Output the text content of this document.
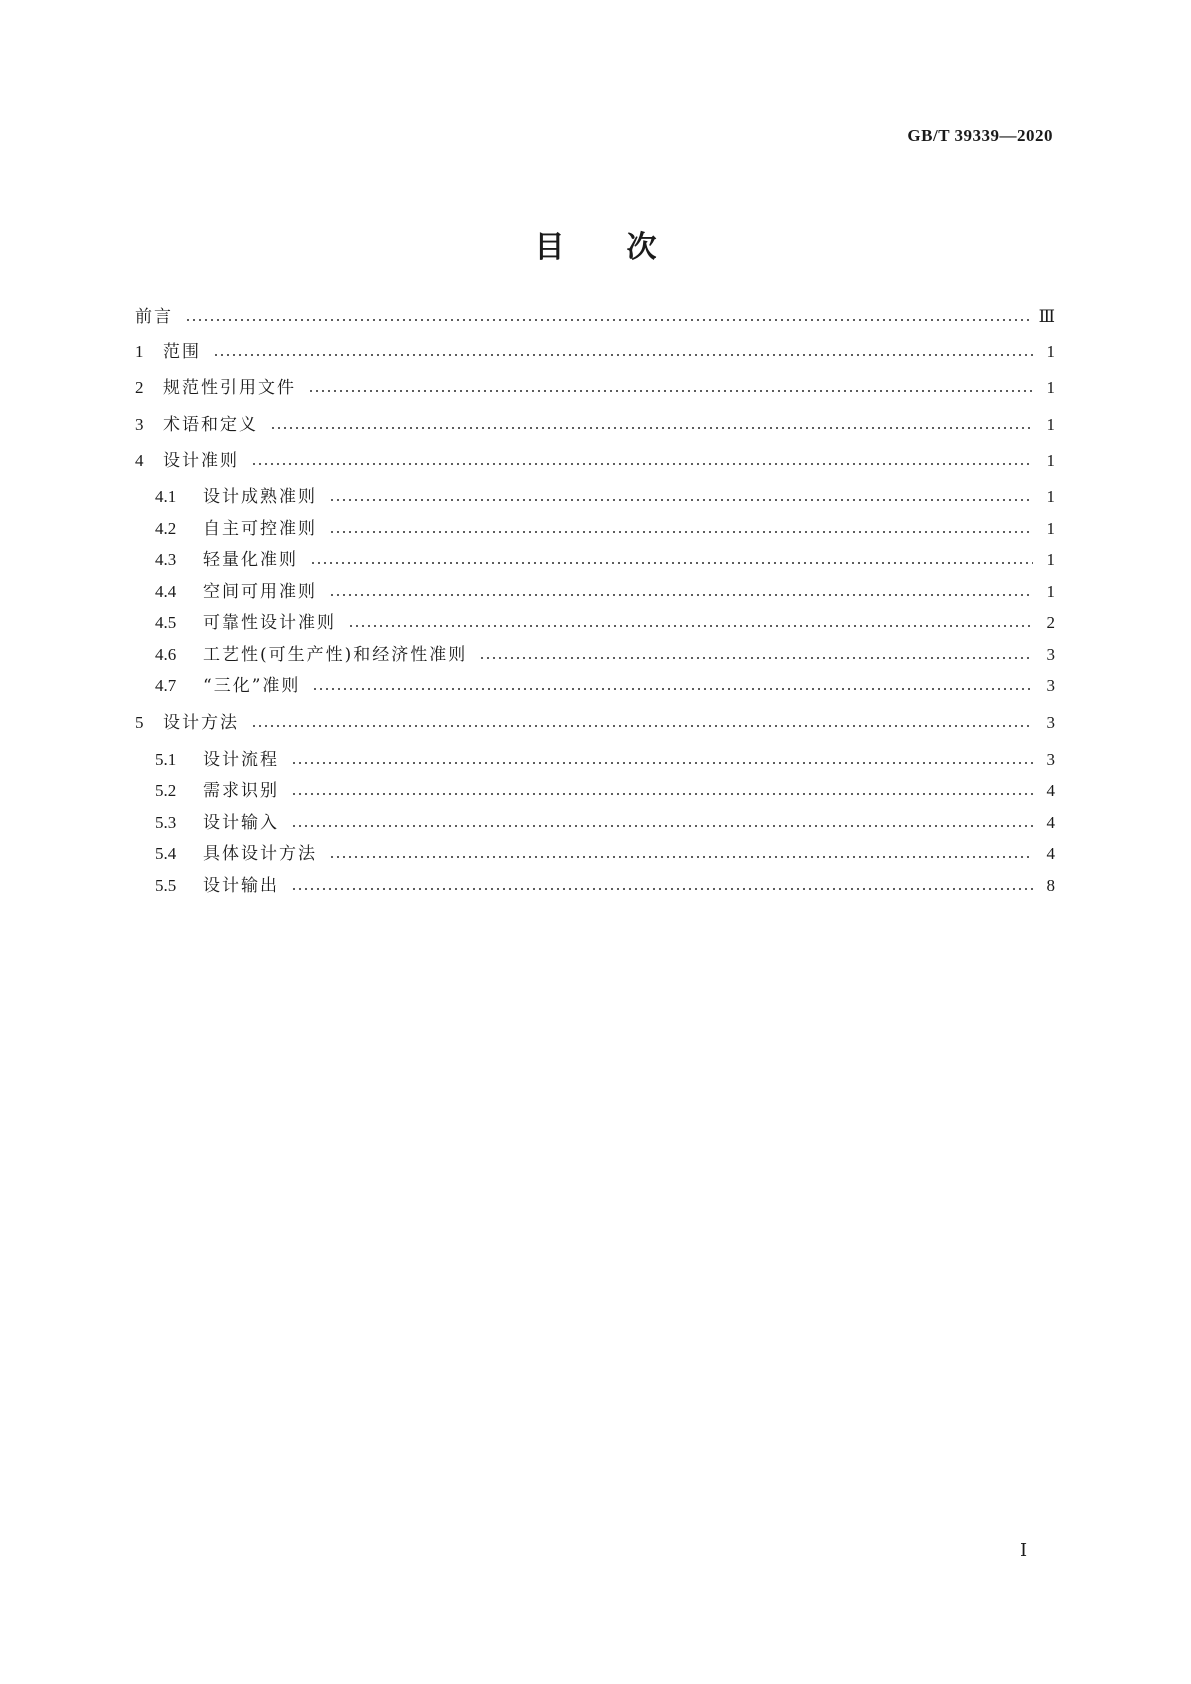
GB/T 39339—2020
目 次
前言	Ⅲ
1	范围	1
2	规范性引用文件	1
3	术语和定义	1
4	设计准则	1
4.1	设计成熟准则	1
4.2	自主可控准则	1
4.3	轻量化准则	1
4.4	空间可用准则	1
4.5	可靠性设计准则	2
4.6	工艺性(可生产性)和经济性准则	3
4.7	“三化”准则	3
5	设计方法	3
5.1	设计流程	3
5.2	需求识别	4
5.3	设计输入	4
5.4	具体设计方法	4
5.5	设计输出	8
Ⅰ
